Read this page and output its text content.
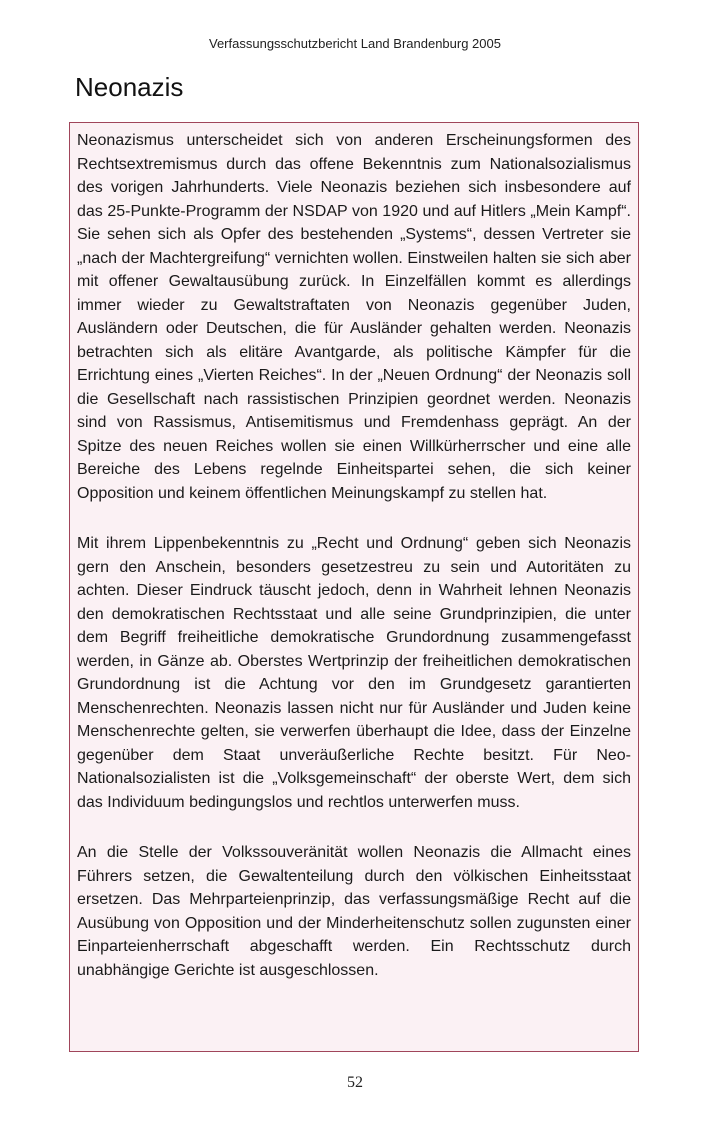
Verfassungsschutzbericht Land Brandenburg 2005
Neonazis

Neonazismus unterscheidet sich von anderen Erscheinungsformen des Rechtsextremismus durch das offene Bekenntnis zum Nationalsozialismus des vorigen Jahrhunderts. Viele Neonazis beziehen sich insbesondere auf das 25-Punkte-Programm der NSDAP von 1920 und auf Hitlers „Mein Kampf“. Sie sehen sich als Opfer des bestehenden „Systems“, dessen Vertreter sie „nach der Machtergreifung“ vernichten wollen. Einstweilen halten sie sich aber mit offener Gewaltausübung zurück. In Einzelfällen kommt es allerdings immer wieder zu Gewaltstraftaten von Neonazis gegenüber Juden, Ausländern oder Deutschen, die für Ausländer gehalten werden. Neonazis betrachten sich als elitäre Avantgarde, als politische Kämpfer für die Errichtung eines „Vierten Reiches“. In der „Neuen Ordnung“ der Neonazis soll die Gesellschaft nach rassistischen Prinzipien geordnet werden. Neonazis sind von Rassismus, Antisemitismus und Fremdenhass geprägt. An der Spitze des neuen Reiches wollen sie einen Willkürherrscher und eine alle Bereiche des Lebens regelnde Einheitspartei sehen, die sich keiner Opposition und keinem öffentlichen Meinungskampf zu stellen hat.

Mit ihrem Lippenbekenntnis zu „Recht und Ordnung“ geben sich Neonazis gern den Anschein, besonders gesetzestreu zu sein und Autoritäten zu achten. Dieser Eindruck täuscht jedoch, denn in Wahrheit lehnen Neonazis den demokratischen Rechtsstaat und alle seine Grundprinzipien, die unter dem Begriff freiheitliche demokratische Grundordnung zusammengefasst werden, in Gänze ab. Oberstes Wertprinzip der freiheitlichen demokratischen Grundordnung ist die Achtung vor den im Grundgesetz garantierten Menschenrechten. Neonazis lassen nicht nur für Ausländer und Juden keine Menschenrechte gelten, sie verwerfen überhaupt die Idee, dass der Einzelne gegenüber dem Staat unveräußerliche Rechte besitzt. Für Neo-Nationalsozialisten ist die „Volksgemeinschaft“ der oberste Wert, dem sich das Individuum bedingungslos und rechtlos unterwerfen muss.

An die Stelle der Volkssouveränität wollen Neonazis die Allmacht eines Führers setzen, die Gewaltenteilung durch den völkischen Einheitsstaat ersetzen. Das Mehrparteienprinzip, das verfassungsmäßige Recht auf die Ausübung von Opposition und der Minderheitenschutz sollen zugunsten einer Einparteienherrschaft abgeschafft werden. Ein Rechtsschutz durch unabhängige Gerichte ist ausgeschlossen.

52
